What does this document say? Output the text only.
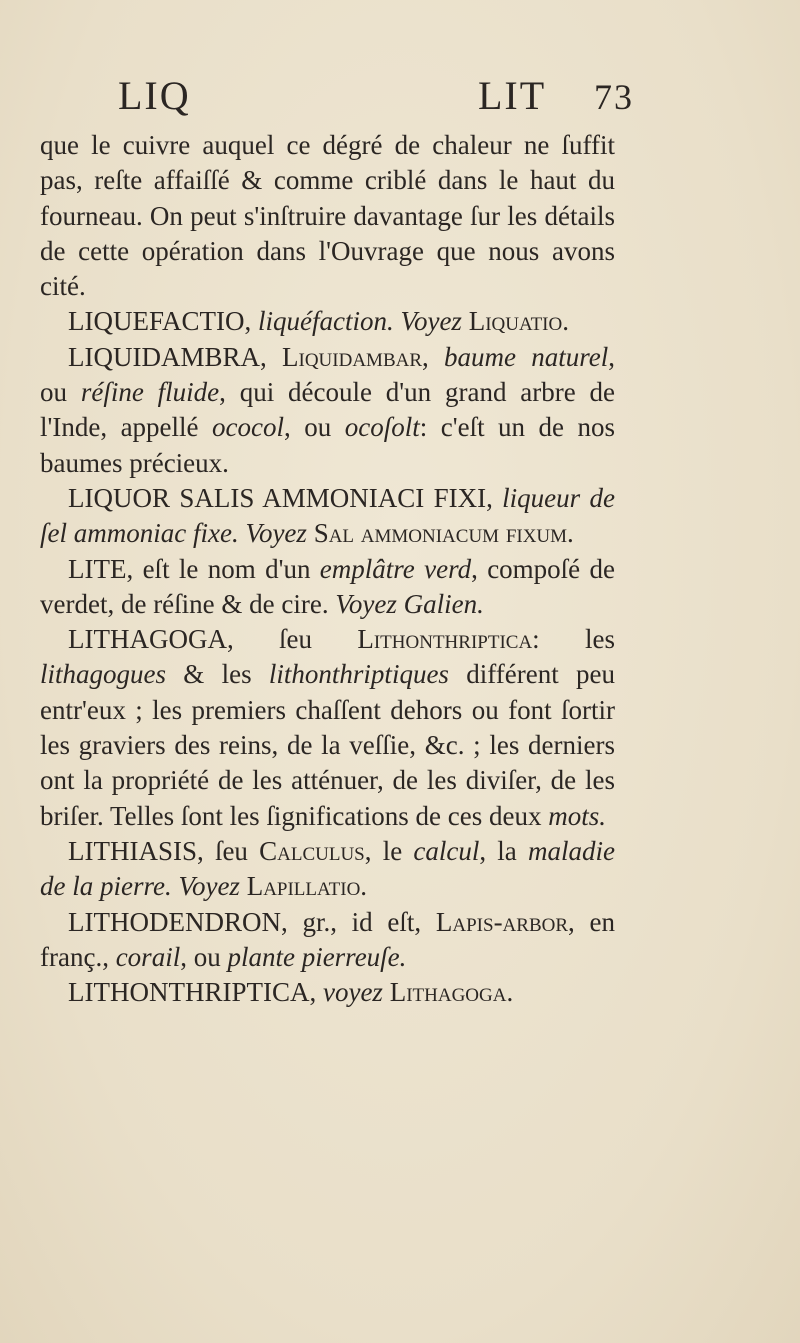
LIQ	LIT 73

que le cuivre auquel ce dégré de chaleur ne ſuffit pas, reſte affaiſſé & comme criblé dans le haut du fourneau. On peut s'inſtruire davantage ſur les détails de cette opération dans l'Ouvrage que nous avons cité.

LIQUEFACTIO, liquéfaction. Voyez Liquatio.

LIQUIDAMBRA, Liquidambar, baume naturel, ou réſine fluide, qui découle d'un grand arbre de l'Inde, appellé ococol, ou ocoſolt: c'eſt un de nos baumes précieux.

LIQUOR SALIS AMMONIACI FIXI, liqueur de ſel ammoniac fixe. Voyez Sal ammoniacum fixum.

LITE, eſt le nom d'un emplâtre verd, compoſé de verdet, de réſine & de cire. Voyez Galien.

LITHAGOGA, ſeu Lithonthriptica: les lithagogues & les lithonthriptiques différent peu entr'eux ; les premiers chaſſent dehors ou font ſortir les graviers des reins, de la veſſie, &c. ; les derniers ont la propriété de les atténuer, de les diviſer, de les briſer. Telles ſont les ſignifications de ces deux mots.

LITHIASIS, ſeu Calculus, le calcul, la maladie de la pierre. Voyez Lapillatio.

LITHODENDRON, gr., id eſt, Lapis-arbor, en franç., corail, ou plante pierreuſe.

LITHONTHRIPTICA, voyez Lithagoga.
